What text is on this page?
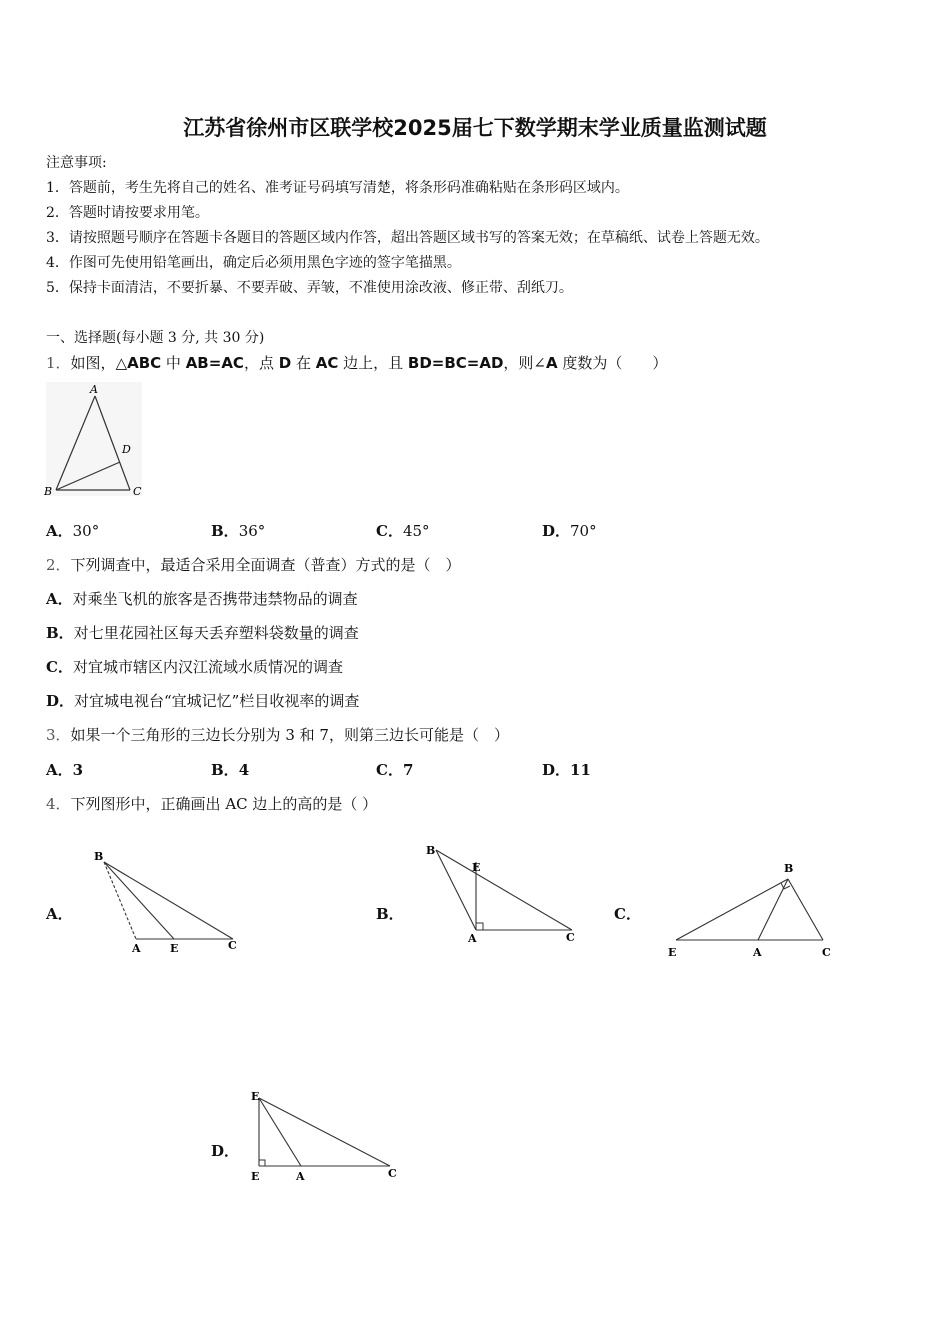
江苏省徐州市区联学校2025届七下数学期末学业质量监测试题
注意事项:
1．答题前，考生先将自己的姓名、准考证号码填写清楚，将条形码准确粘贴在条形码区域内。
2．答题时请按要求用笔。
3．请按照题号顺序在答题卡各题目的答题区域内作答，超出答题区域书写的答案无效；在草稿纸、试卷上答题无效。
4．作图可先使用铅笔画出，确定后必须用黑色字迹的签字笔描黑。
5．保持卡面清洁，不要折暴、不要弄破、弄皱，不准使用涂改液、修正带、刮纸刀。
一、选择题(每小题 3 分, 共 30 分)
1．如图，△ABC 中 AB=AC，点 D 在 AC 边上，且 BD=BC=AD，则∠A 度数为（　　）
A
B	C
D
A．30°	B．36°	C．45°	D．70°
2．下列调查中，最适合采用全面调查（普查）方式的是（　）
A．对乘坐飞机的旅客是否携带违禁物品的调查
B．对七里花园社区每天丢弃塑料袋数量的调查
C．对宜城市辖区内汉江流域水质情况的调查
D．对宜城电视台“宜城记忆”栏目收视率的调查
3．如果一个三角形的三边长分别为 3 和 7，则第三边长可能是（　）
A．3	B．4	C．7	D．11
4．下列图形中，正确画出 AC 边上的高的是（ ）
A．
B
A	E	C
B．
B
E
A	C
C．
B
E	A	C
D．
E
E	A	C
